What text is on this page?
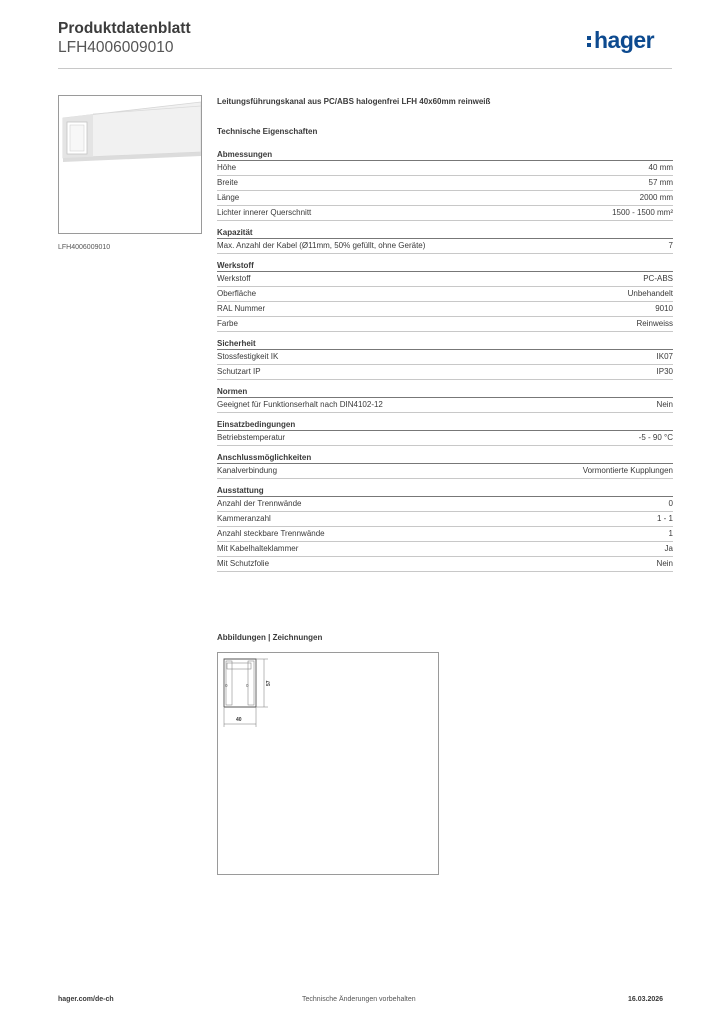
Produktdatenblatt
LFH4006009010	hager
LFH4006009010
Leitungsführungskanal aus PC/ABS halogenfrei LFH 40x60mm reinweiß
Technische Eigenschaften
Abmessungen
Höhe	40 mm
Breite	57 mm
Länge	2000 mm
Lichter innerer Querschnitt	1500 - 1500 mm²
Kapazität
Max. Anzahl der Kabel (Ø11mm, 50% gefüllt, ohne Geräte)	7
Werkstoff
Werkstoff	PC-ABS
Oberfläche	Unbehandelt
RAL Nummer	9010
Farbe	Reinweiss
Sicherheit
Stossfestigkeit IK	IK07
Schutzart IP	IP30
Normen
Geeignet für Funktionserhalt nach DIN4102-12	Nein
Einsatzbedingungen
Betriebstemperatur	-5 - 90 °C
Anschlussmöglichkeiten
Kanalverbindung	Vormontierte Kupplungen
Ausstattung
Anzahl der Trennwände	0
Kammeranzahl	1 - 1
Anzahl steckbare Trennwände	1
Mit Kabelhalteklammer	Ja
Mit Schutzfolie	Nein
Abbildungen | Zeichnungen
0	0
40
57
hager.com/de-ch	Technische Änderungen vorbehalten	16.03.2026
